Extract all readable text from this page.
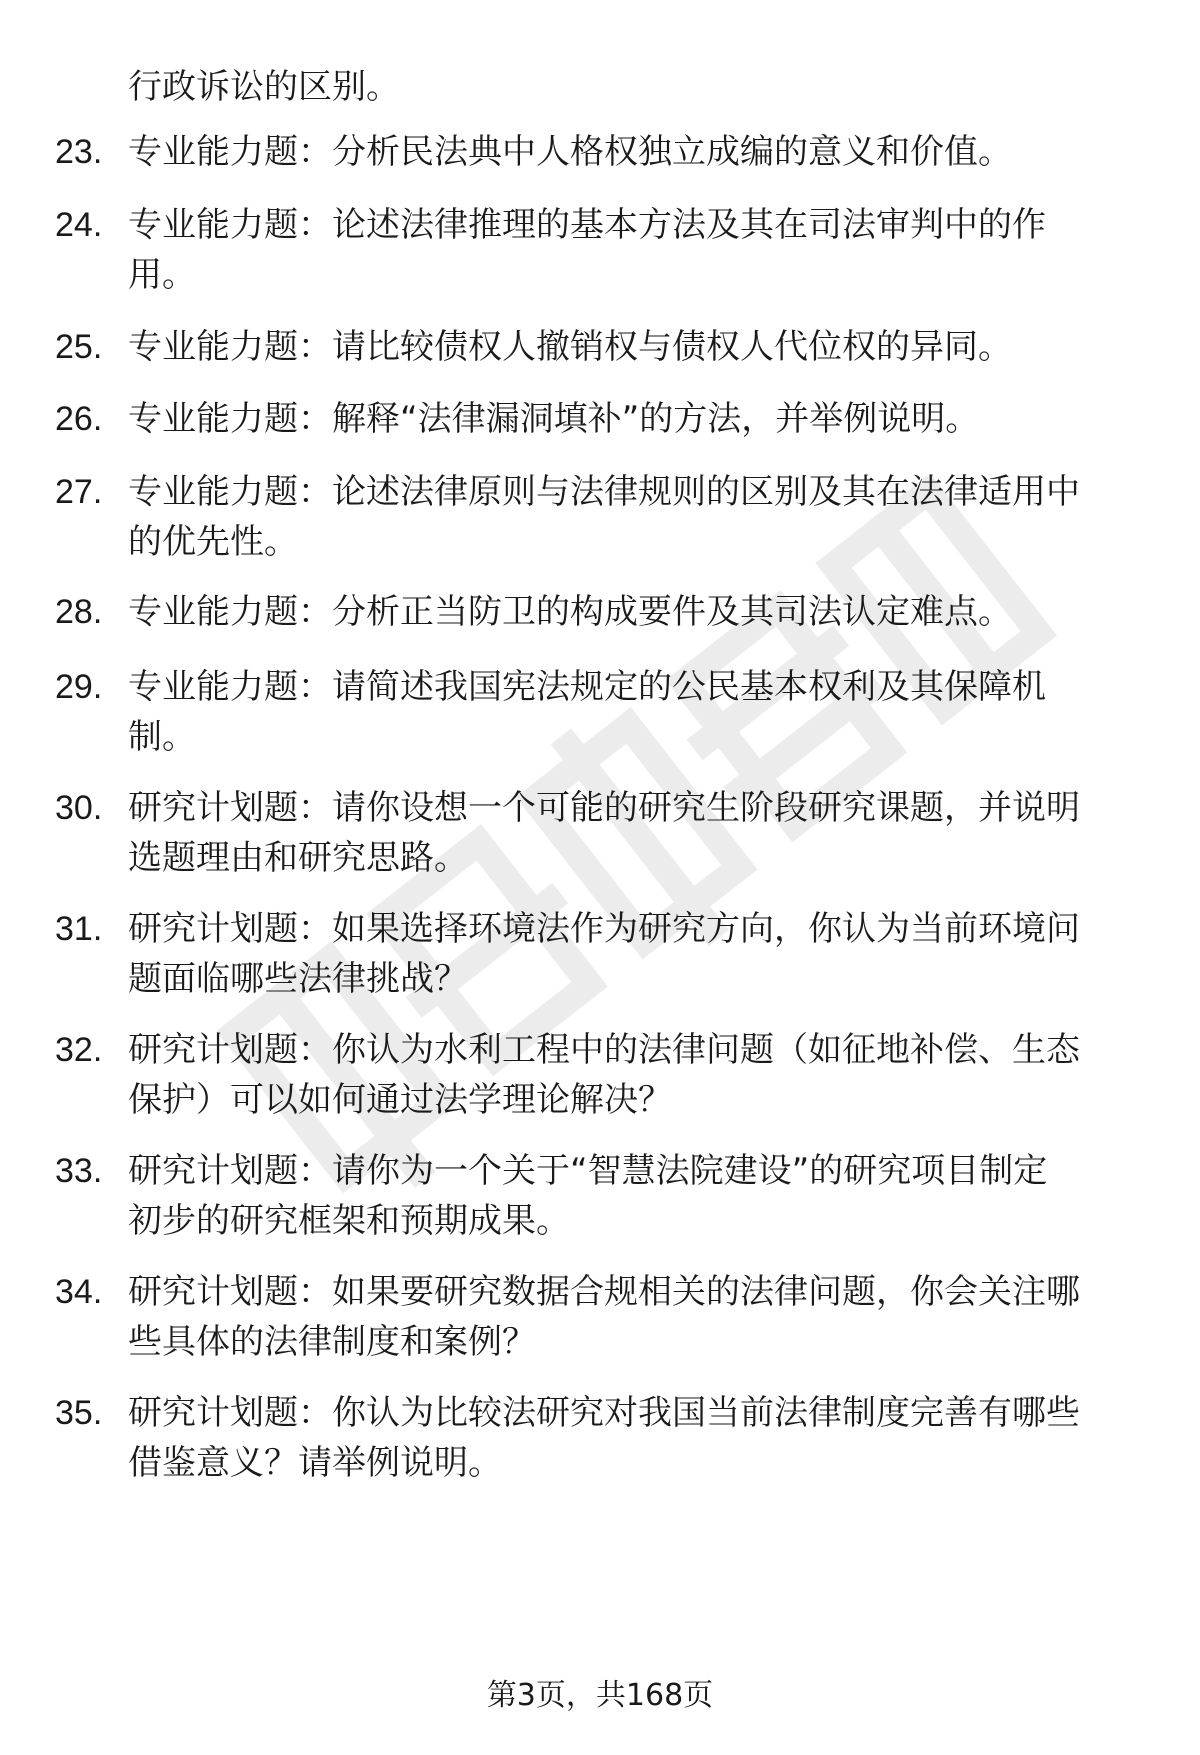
行政诉讼的区别。
23. 专业能力题：分析民法典中人格权独立成编的意义和价值。
24. 专业能力题：论述法律推理的基本方法及其在司法审判中的作
用。
25. 专业能力题：请比较债权人撤销权与债权人代位权的异同。
26. 专业能力题：解释“法律漏洞填补”的方法，并举例说明。
27. 专业能力题：论述法律原则与法律规则的区别及其在法律适用中
的优先性。
28. 专业能力题：分析正当防卫的构成要件及其司法认定难点。
29. 专业能力题：请简述我国宪法规定的公民基本权利及其保障机
制。
30. 研究计划题：请你设想一个可能的研究生阶段研究课题，并说明
选题理由和研究思路。
31. 研究计划题：如果选择环境法作为研究方向，你认为当前环境问
题面临哪些法律挑战？
32. 研究计划题：你认为水利工程中的法律问题（如征地补偿、生态
保护）可以如何通过法学理论解决？
33. 研究计划题：请你为一个关于“智慧法院建设”的研究项目制定
初步的研究框架和预期成果。
34. 研究计划题：如果要研究数据合规相关的法律问题，你会关注哪
些具体的法律制度和案例？
35. 研究计划题：你认为比较法研究对我国当前法律制度完善有哪些
借鉴意义？请举例说明。
第3页，共168页
